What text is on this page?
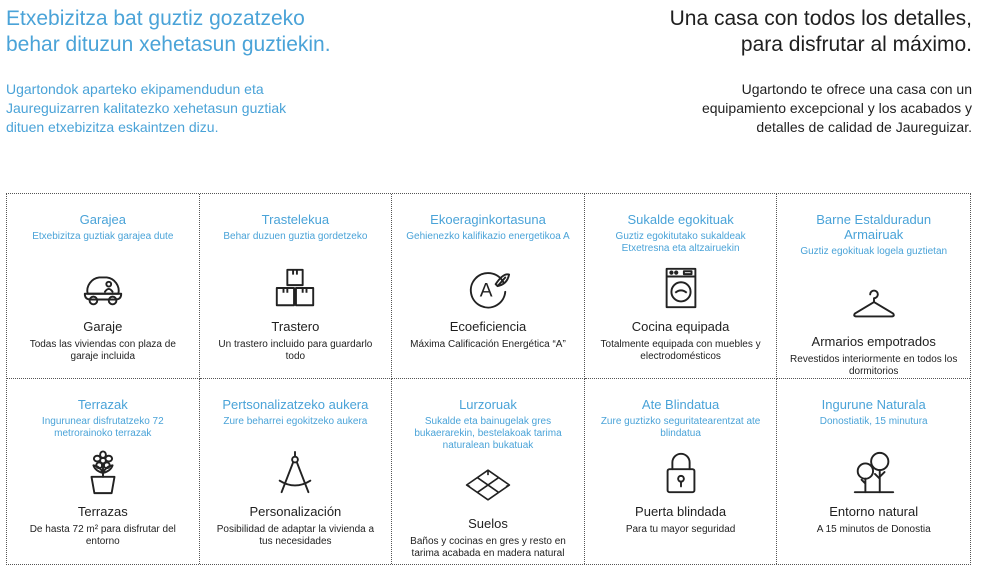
Etxebizitza bat guztiz gozatzeko
behar dituzun xehetasun guztiekin.
Ugartondok aparteko ekipamendudun eta
Jaureguizarren kalitatezko xehetasun guztiak
dituen etxebizitza eskaintzen dizu.
Una casa con todos los detalles,
para disfrutar al máximo.
Ugartondo te ofrece una casa con un
equipamiento excepcional y los acabados y
detalles de calidad de Jaureguizar.
Garajea
Etxebizitza guztiak garajea dute
Garaje
Todas las viviendas con plaza de garaje incluida
Trastelekua
Behar duzuen guztia gordetzeko
Trastero
Un trastero incluido para guardarlo todo
Ekoeraginkortasuna
Gehienezko kalifikazio energetikoa A
A
Ecoeficiencia
Máxima Calificación Energética “A”
Sukalde egokituak
Guztiz egokitutako sukaldeak Etxetresna eta altzairuekin
Cocina equipada
Totalmente equipada con muebles y electrodomésticos
Barne Estalduradun Armairuak
Guztiz egokituak logela guztietan
Armarios empotrados
Revestidos interiormente en todos los dormitorios
Terrazak
Ingurunear disfrutatzeko 72 metrorainoko terrazak
Terrazas
De hasta 72 m² para disfrutar del entorno
Pertsonalizatzeko aukera
Zure beharrei egokitzeko aukera
Personalización
Posibilidad de adaptar la vivienda a tus necesidades
Lurzoruak
Sukalde eta bainugelak gres bukaerarekin, bestelakoak tarima naturalean bukatuak
Suelos
Baños y cocinas en gres y resto en tarima acabada en madera natural
Ate Blindatua
Zure guztizko seguritatearentzat ate blindatua
Puerta blindada
Para tu mayor seguridad
Ingurune Naturala
Donostiatik, 15 minutura
Entorno natural
A 15 minutos de Donostia
